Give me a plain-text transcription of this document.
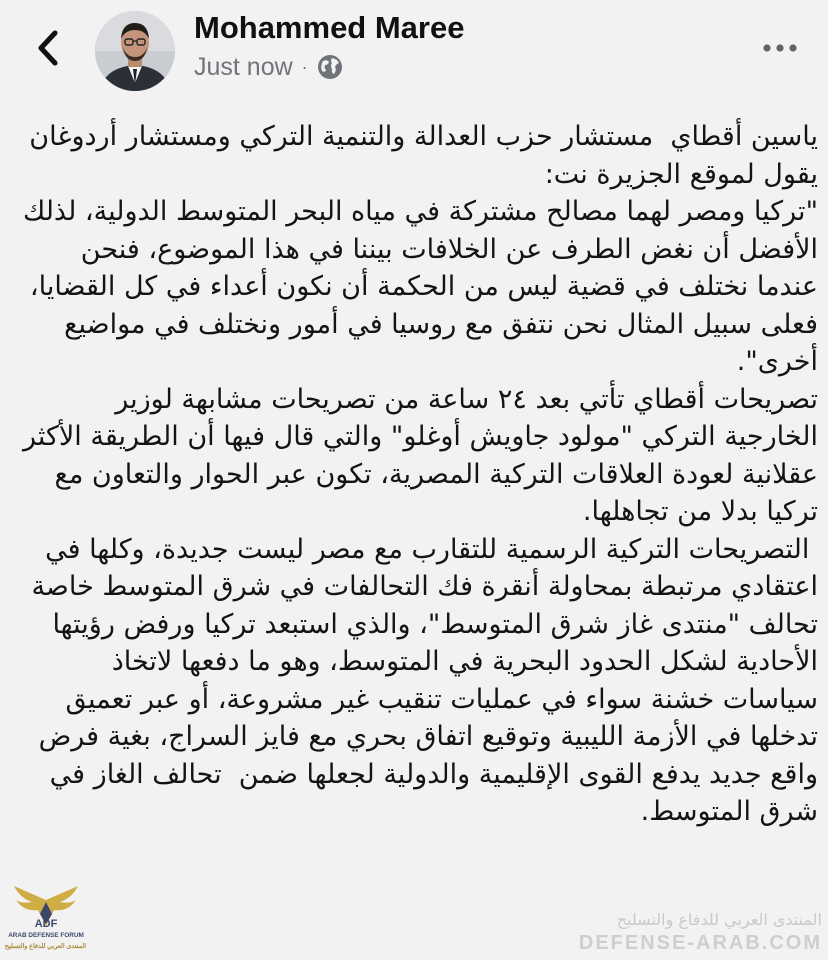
Mohammed Maree
Just now ·

ياسين أقطاي  مستشار حزب العدالة والتنمية التركي ومستشار أردوغان يقول لموقع الجزيرة نت:

"تركيا ومصر لهما مصالح مشتركة في مياه البحر المتوسط الدولية، لذلك الأفضل أن نغض الطرف عن الخلافات بيننا في هذا الموضوع، فنحن عندما نختلف في قضية ليس من الحكمة أن نكون أعداء في كل القضايا، فعلى سبيل المثال نحن نتفق مع روسيا في أمور ونختلف في مواضيع أخرى".

تصريحات أقطاي تأتي بعد ٢٤ ساعة من تصريحات مشابهة لوزير الخارجية التركي "مولود جاويش أوغلو" والتي قال فيها أن الطريقة الأكثر عقلانية لعودة العلاقات التركية المصرية، تكون عبر الحوار والتعاون مع تركيا بدلا من تجاهلها.

التصريحات التركية الرسمية للتقارب مع مصر ليست جديدة، وكلها في اعتقادي مرتبطة بمحاولة أنقرة فك التحالفات في شرق المتوسط خاصة تحالف "منتدى غاز شرق المتوسط"، والذي استبعد تركيا ورفض رؤيتها الأحادية لشكل الحدود البحرية في المتوسط، وهو ما دفعها لاتخاذ سياسات خشنة سواء في عمليات تنقيب غير مشروعة، أو عبر تعميق تدخلها في الأزمة الليبية وتوقيع اتفاق بحري مع فايز السراج، بغية فرض واقع جديد يدفع القوى الإقليمية والدولية لجعلها ضمن  تحالف الغاز في شرق المتوسط.

ADF
ARAB DEFENSE FORUM
المنتدى العربي للدفاع والتسليح
المنتدى العربي للدفاع والتسليح
DEFENSE-ARAB.COM
